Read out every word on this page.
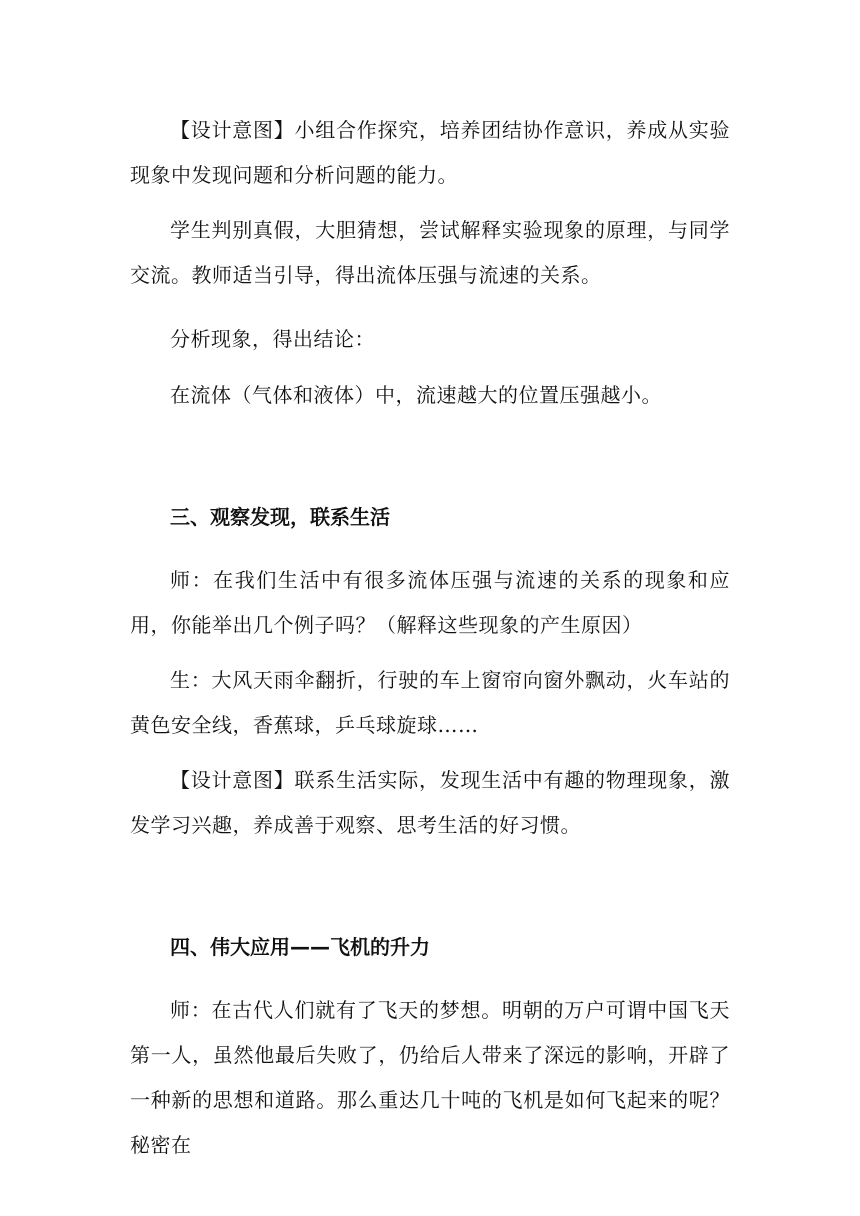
【设计意图】小组合作探究，培养团结协作意识，养成从实验现象中发现问题和分析问题的能力。

学生判别真假，大胆猜想，尝试解释实验现象的原理，与同学交流。教师适当引导，得出流体压强与流速的关系。

分析现象，得出结论：

在流体（气体和液体）中，流速越大的位置压强越小。

三、观察发现，联系生活

师：在我们生活中有很多流体压强与流速的关系的现象和应用，你能举出几个例子吗？（解释这些现象的产生原因）

生：大风天雨伞翻折，行驶的车上窗帘向窗外飘动，火车站的黄色安全线，香蕉球，乒乓球旋球……

【设计意图】联系生活实际，发现生活中有趣的物理现象，激发学习兴趣，养成善于观察、思考生活的好习惯。

四、伟大应用——飞机的升力

师：在古代人们就有了飞天的梦想。明朝的万户可谓中国飞天第一人，虽然他最后失败了，仍给后人带来了深远的影响，开辟了一种新的思想和道路。那么重达几十吨的飞机是如何飞起来的呢？秘密在
